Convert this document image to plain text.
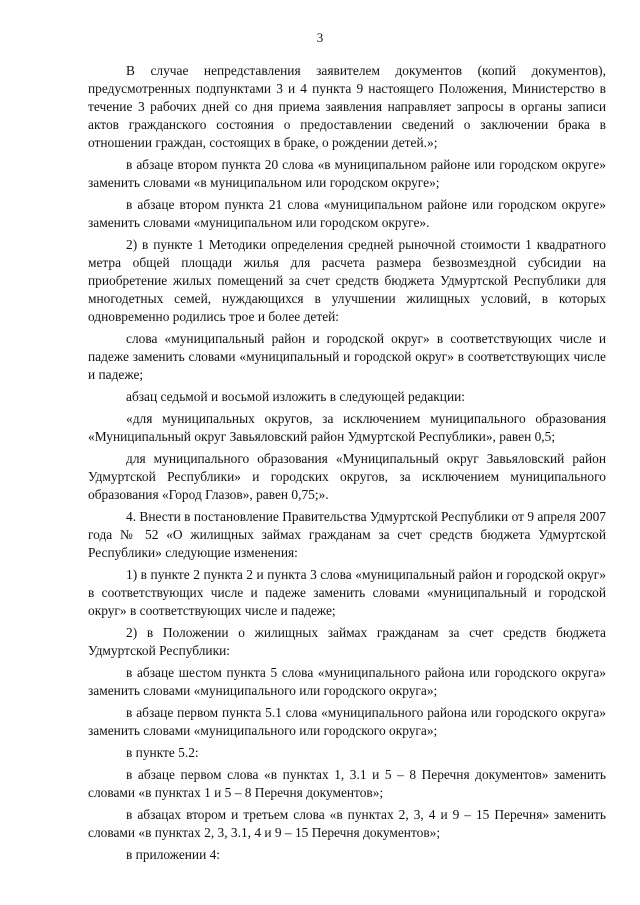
3

В случае непредставления заявителем документов (копий документов), предусмотренных подпунктами 3 и 4 пункта 9 настоящего Положения, Министерство в течение 3 рабочих дней со дня приема заявления направляет запросы в органы записи актов гражданского состояния о предоставлении сведений о заключении брака в отношении граждан, состоящих в браке, о рождении детей.»;

в абзаце втором пункта 20 слова «в муниципальном районе или городском округе» заменить словами «в муниципальном или городском округе»;

в абзаце втором пункта 21 слова «муниципальном районе или городском округе» заменить словами «муниципальном или городском округе».

2) в пункте 1 Методики определения средней рыночной стоимости 1 квадратного метра общей площади жилья для расчета размера безвозмездной субсидии на приобретение жилых помещений за счет средств бюджета Удмуртской Республики для многодетных семей, нуждающихся в улучшении жилищных условий, в которых одновременно родились трое и более детей:

слова «муниципальный район и городской округ» в соответствующих числе и падеже заменить словами «муниципальный и городской округ» в соответствующих числе и падеже;

абзац седьмой и восьмой изложить в следующей редакции:

«для муниципальных округов, за исключением муниципального образования «Муниципальный округ Завьяловский район Удмуртской Республики», равен 0,5;

для муниципального образования «Муниципальный округ Завьяловский район Удмуртской Республики» и городских округов, за исключением муниципального образования «Город Глазов», равен 0,75;».

4. Внести в постановление Правительства Удмуртской Республики от 9 апреля 2007 года № 52 «О жилищных займах гражданам за счет средств бюджета Удмуртской Республики» следующие изменения:

1) в пункте 2 пункта 2 и пункта 3 слова «муниципальный район и городской округ» в соответствующих числе и падеже заменить словами «муниципальный и городской округ» в соответствующих числе и падеже;

2) в Положении о жилищных займах гражданам за счет средств бюджета Удмуртской Республики:

в абзаце шестом пункта 5 слова «муниципального района или городского округа» заменить словами «муниципального или городского округа»;

в абзаце первом пункта 5.1 слова «муниципального района или городского округа» заменить словами «муниципального или городского округа»;

в пункте 5.2:

в абзаце первом слова «в пунктах 1, 3.1 и 5 – 8 Перечня документов» заменить словами «в пунктах 1 и 5 – 8 Перечня документов»;

в абзацах втором и третьем слова «в пунктах 2, 3, 4 и 9 – 15 Перечня» заменить словами «в пунктах 2, 3, 3.1, 4 и 9 – 15 Перечня документов»;

в приложении 4:
